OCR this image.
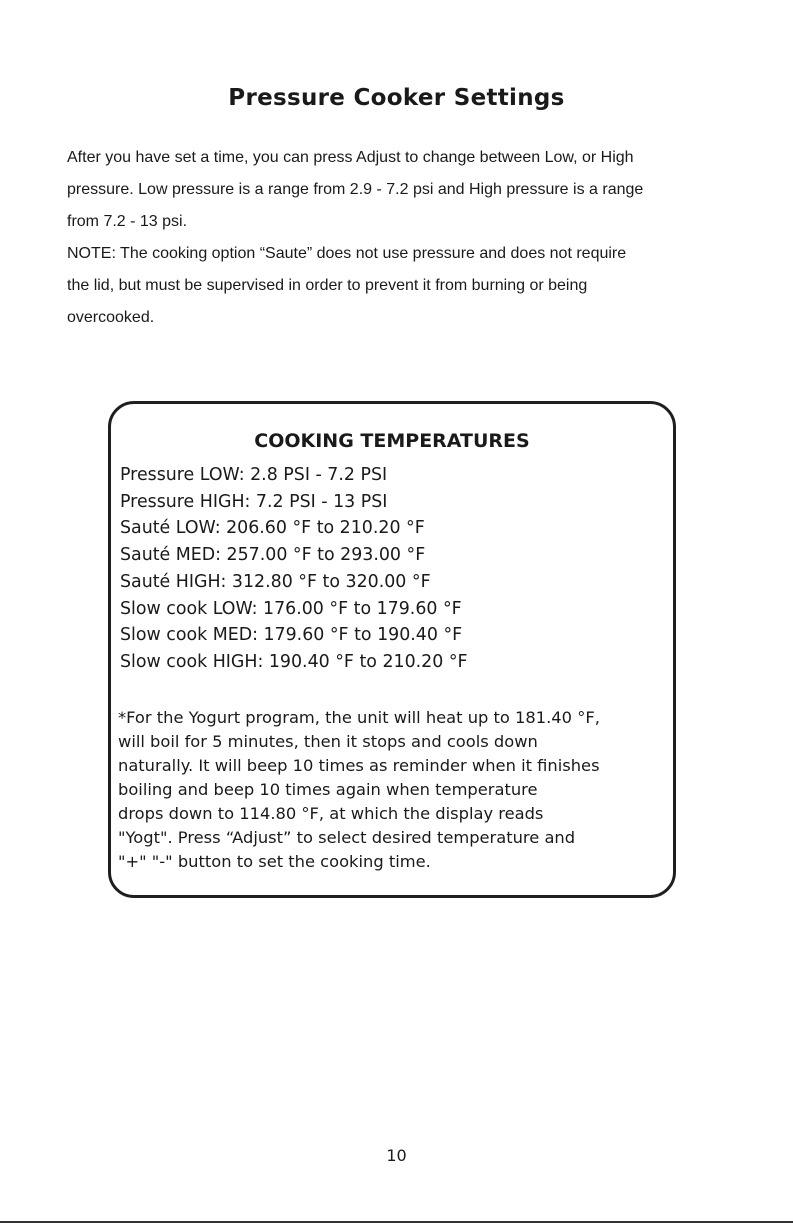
Pressure Cooker Settings

After you have set a time, you can press Adjust to change between Low, or High

pressure. Low pressure is a range from 2.9 - 7.2 psi and High pressure is a range

from 7.2 - 13 psi.

NOTE: The cooking option “Saute” does not use pressure and does not require

the lid, but must be supervised in order to prevent it from burning or being

overcooked.

COOKING TEMPERATURES
Pressure LOW: 2.8 PSI - 7.2 PSI
Pressure HIGH: 7.2 PSI - 13 PSI
Sauté LOW: 206.60 °F to 210.20 °F
Sauté MED: 257.00 °F to 293.00 °F
Sauté HIGH: 312.80 °F to 320.00 °F
Slow cook LOW: 176.00 °F to 179.60 °F
Slow cook MED: 179.60 °F to 190.40 °F
Slow cook HIGH: 190.40 °F to 210.20 °F

*For the Yogurt program, the unit will heat up to 181.40 °F,
will boil for 5 minutes, then it stops and cools down
naturally. It will beep 10 times as reminder when it finishes
boiling and beep 10 times again when temperature
drops down to 114.80 °F, at which the display reads
"Yogt". Press “Adjust” to select desired temperature and
"+" "-" button to set the cooking time.

10
